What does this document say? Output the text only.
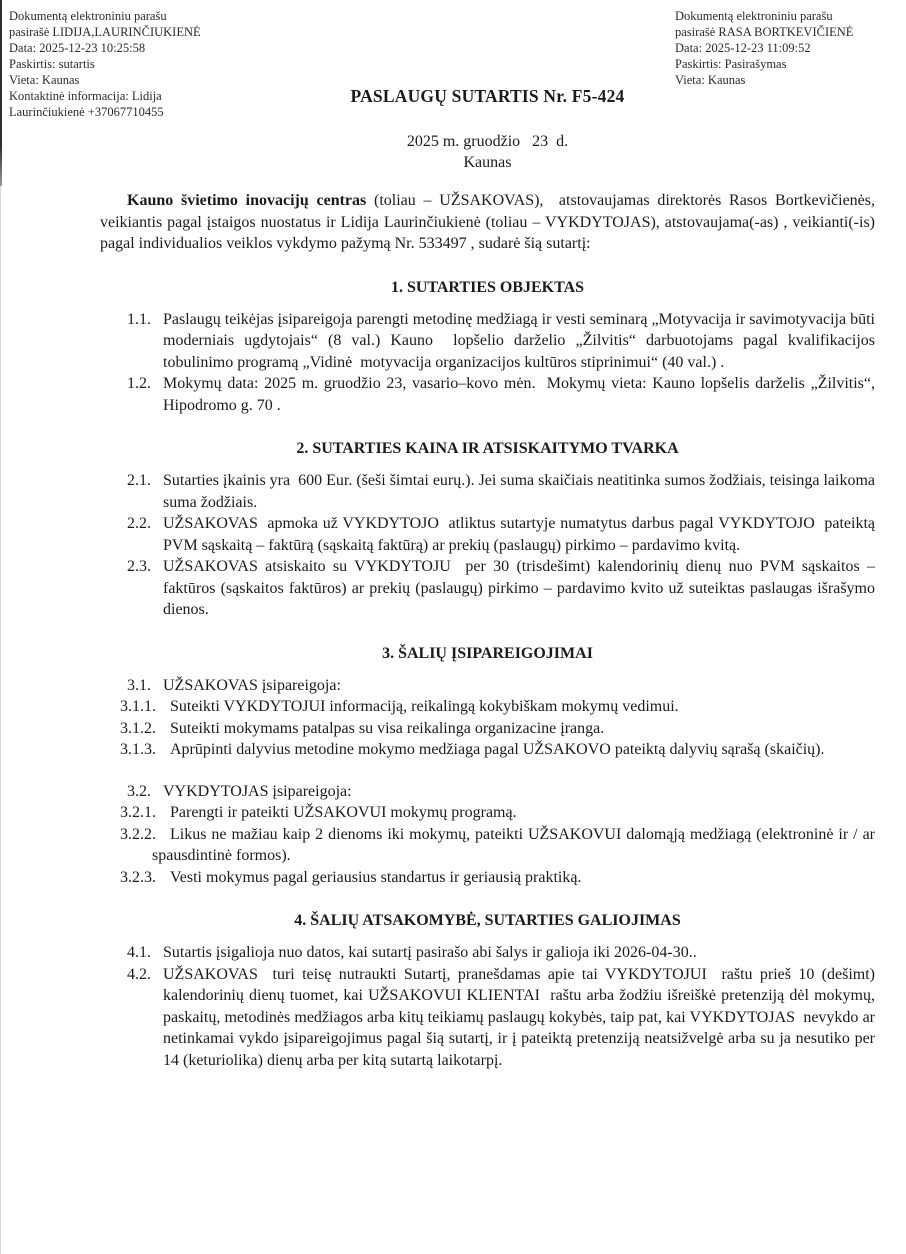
Dokumentą elektroniniu parašu
pasirašė LIDIJA,LAURINČIUKIENĖ
Data: 2025-12-23 10:25:58
Paskirtis: sutartis
Vieta: Kaunas
Kontaktinė informacija: Lidija
Laurinčiukienė +37067710455
Dokumentą elektroniniu parašu
pasirašė RASA BORTKEVIČIENĖ
Data: 2025-12-23 11:09:52
Paskirtis: Pasirašymas
Vieta: Kaunas
PASLAUGŲ SUTARTIS Nr. F5-424
2025 m. gruodžio   23  d.
Kaunas

Kauno švietimo inovacijų centras (toliau – UŽSAKOVAS),  atstovaujamas direktorės Rasos Bortkevičienės, veikiantis pagal įstaigos nuostatus ir Lidija Laurinčiukienė (toliau – VYKDYTOJAS), atstovaujama(-as) , veikianti(-is) pagal individualios veiklos vykdymo pažymą Nr. 533497 , sudarė šią sutartį:

1. SUTARTIES OBJEKTAS
1.1. Paslaugų teikėjas įsipareigoja parengti metodinę medžiagą ir vesti seminarą „Motyvacija ir savimotyvacija būti moderniais ugdytojais“ (8 val.) Kauno  lopšelio darželio „Žilvitis“ darbuotojams pagal kvalifikacijos tobulinimo programą „Vidinė  motyvacija organizacijos kultūros stiprinimui“ (40 val.) .
1.2. Mokymų data: 2025 m. gruodžio 23, vasario–kovo mėn.  Mokymų vieta: Kauno lopšelis darželis „Žilvitis“, Hipodromo g. 70 .
2. SUTARTIES KAINA IR ATSISKAITYMO TVARKA
2.1. Sutarties įkainis yra  600 Eur. (šeši šimtai eurų.). Jei suma skaičiais neatitinka sumos žodžiais, teisinga laikoma suma žodžiais.
2.2. UŽSAKOVAS  apmoka už VYKDYTOJO  atliktus sutartyje numatytus darbus pagal VYKDYTOJO  pateiktą PVM sąskaitą – faktūrą (sąskaitą faktūrą) ar prekių (paslaugų) pirkimo – pardavimo kvitą.
2.3. UŽSAKOVAS atsiskaito su VYKDYTOJU  per 30 (trisdešimt) kalendorinių dienų nuo PVM sąskaitos – faktūros (sąskaitos faktūros) ar prekių (paslaugų) pirkimo – pardavimo kvito už suteiktas paslaugas išrašymo dienos.
3. ŠALIŲ ĮSIPAREIGOJIMAI
3.1. UŽSAKOVAS įsipareigoja:
3.1.1. Suteikti VYKDYTOJUI informaciją, reikalingą kokybiškam mokymų vedimui.
3.1.2. Suteikti mokymams patalpas su visa reikalinga organizacine įranga.
3.1.3. Aprūpinti dalyvius metodine mokymo medžiaga pagal UŽSAKOVO pateiktą dalyvių sąrašą (skaičių).
3.2. VYKDYTOJAS įsipareigoja:
3.2.1. Parengti ir pateikti UŽSAKOVUI mokymų programą.
3.2.2. Likus ne mažiau kaip 2 dienoms iki mokymų, pateikti UŽSAKOVUI dalomąją medžiagą (elektroninė ir / ar spausdintinė formos).
3.2.3. Vesti mokymus pagal geriausius standartus ir geriausią praktiką.
4. ŠALIŲ ATSAKOMYBĖ, SUTARTIES GALIOJIMAS
4.1. Sutartis įsigalioja nuo datos, kai sutartį pasirašo abi šalys ir galioja iki 2026-04-30..
4.2. UŽSAKOVAS  turi teisę nutraukti Sutartį, pranešdamas apie tai VYKDYTOJUI  raštu prieš 10 (dešimt) kalendorinių dienų tuomet, kai UŽSAKOVUI KLIENTAI  raštu arba žodžiu išreiškė pretenziją dėl mokymų, paskaitų, metodinės medžiagos arba kitų teikiamų paslaugų kokybės, taip pat, kai VYKDYTOJAS  nevykdo ar netinkamai vykdo įsipareigojimus pagal šią sutartį, ir į pateiktą pretenziją neatsižvelgė arba su ja nesutiko per 14 (keturiolika) dienų arba per kitą sutartą laikotarpį.
